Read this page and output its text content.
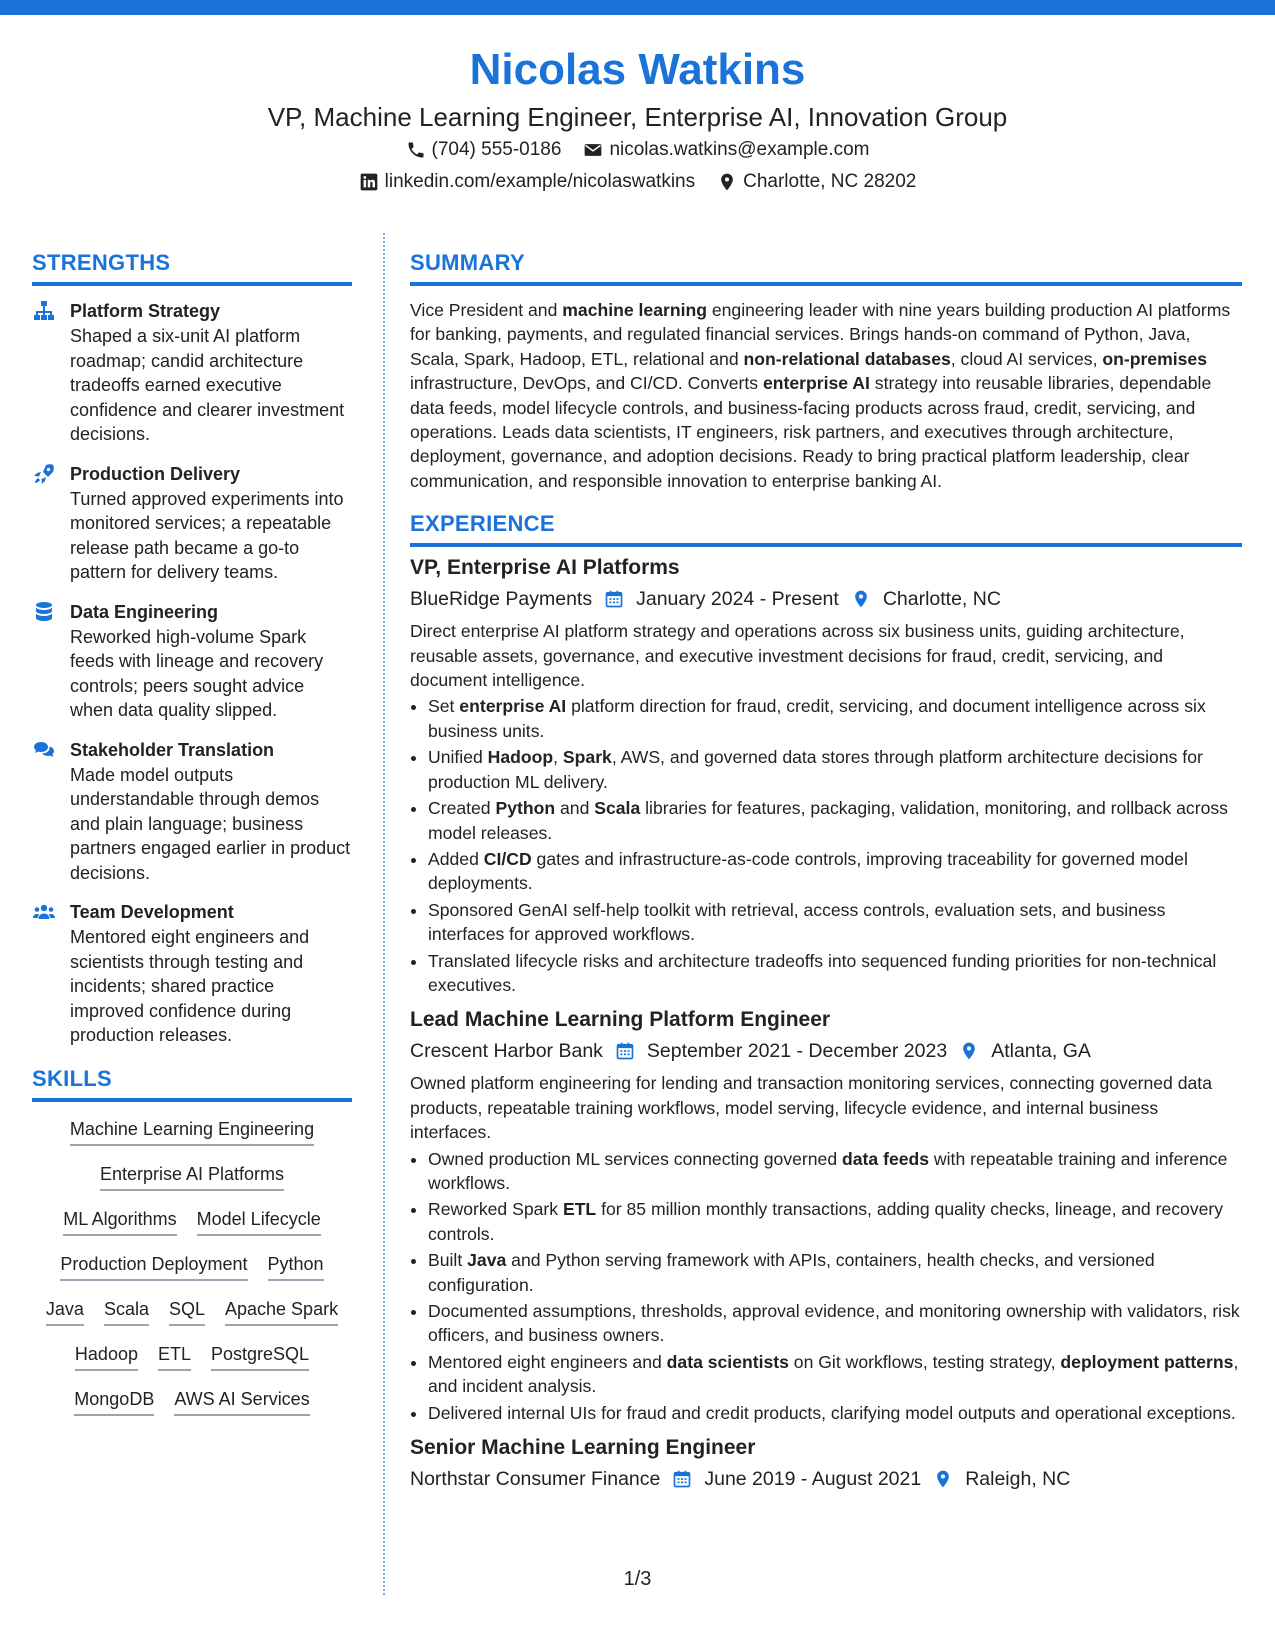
Nicolas Watkins
VP, Machine Learning Engineer, Enterprise AI, Innovation Group
(704) 555-0186	nicolas.watkins@example.com
linkedin.com/example/nicolaswatkins	Charlotte, NC 28202
STRENGTHS
Platform Strategy
Shaped a six-unit AI platform roadmap; candid architecture tradeoffs earned executive confidence and clearer investment decisions.
Production Delivery
Turned approved experiments into monitored services; a repeatable release path became a go-to pattern for delivery teams.
Data Engineering
Reworked high-volume Spark feeds with lineage and recovery controls; peers sought advice when data quality slipped.
Stakeholder Translation
Made model outputs understandable through demos and plain language; business partners engaged earlier in product decisions.
Team Development
Mentored eight engineers and scientists through testing and incidents; shared practice improved confidence during production releases.
SKILLS
Machine Learning Engineering
Enterprise AI Platforms
ML Algorithms Model Lifecycle
Production Deployment Python
Java Scala SQL Apache Spark
Hadoop ETL PostgreSQL
MongoDB AWS AI Services
SUMMARY

Vice President and machine learning engineering leader with nine years building production AI platforms for banking, payments, and regulated financial services. Brings hands-on command of Python, Java, Scala, Spark, Hadoop, ETL, relational and non-relational databases, cloud AI services, on-premises infrastructure, DevOps, and CI/CD. Converts enterprise AI strategy into reusable libraries, dependable data feeds, model lifecycle controls, and business-facing products across fraud, credit, servicing, and operations. Leads data scientists, IT engineers, risk partners, and executives through architecture, deployment, governance, and adoption decisions. Ready to bring practical platform leadership, clear communication, and responsible innovation to enterprise banking AI.

EXPERIENCE
VP, Enterprise AI Platforms
BlueRidge Payments January 2024 - Present Charlotte, NC
Direct enterprise AI platform strategy and operations across six business units, guiding architecture, reusable assets, governance, and executive investment decisions for fraud, credit, servicing, and document intelligence.
• Set enterprise AI platform direction for fraud, credit, servicing, and document intelligence across six business units.
• Unified Hadoop, Spark, AWS, and governed data stores through platform architecture decisions for production ML delivery.
• Created Python and Scala libraries for features, packaging, validation, monitoring, and rollback across model releases.
• Added CI/CD gates and infrastructure-as-code controls, improving traceability for governed model deployments.
• Sponsored GenAI self-help toolkit with retrieval, access controls, evaluation sets, and business interfaces for approved workflows.
• Translated lifecycle risks and architecture tradeoffs into sequenced funding priorities for non-technical executives.
Lead Machine Learning Platform Engineer
Crescent Harbor Bank September 2021 - December 2023 Atlanta, GA
Owned platform engineering for lending and transaction monitoring services, connecting governed data products, repeatable training workflows, model serving, lifecycle evidence, and internal business interfaces.
• Owned production ML services connecting governed data feeds with repeatable training and inference workflows.
• Reworked Spark ETL for 85 million monthly transactions, adding quality checks, lineage, and recovery controls.
• Built Java and Python serving framework with APIs, containers, health checks, and versioned configuration.
• Documented assumptions, thresholds, approval evidence, and monitoring ownership with validators, risk officers, and business owners.
• Mentored eight engineers and data scientists on Git workflows, testing strategy, deployment patterns, and incident analysis.
• Delivered internal UIs for fraud and credit products, clarifying model outputs and operational exceptions.
Senior Machine Learning Engineer
Northstar Consumer Finance June 2019 - August 2021 Raleigh, NC
1/3
